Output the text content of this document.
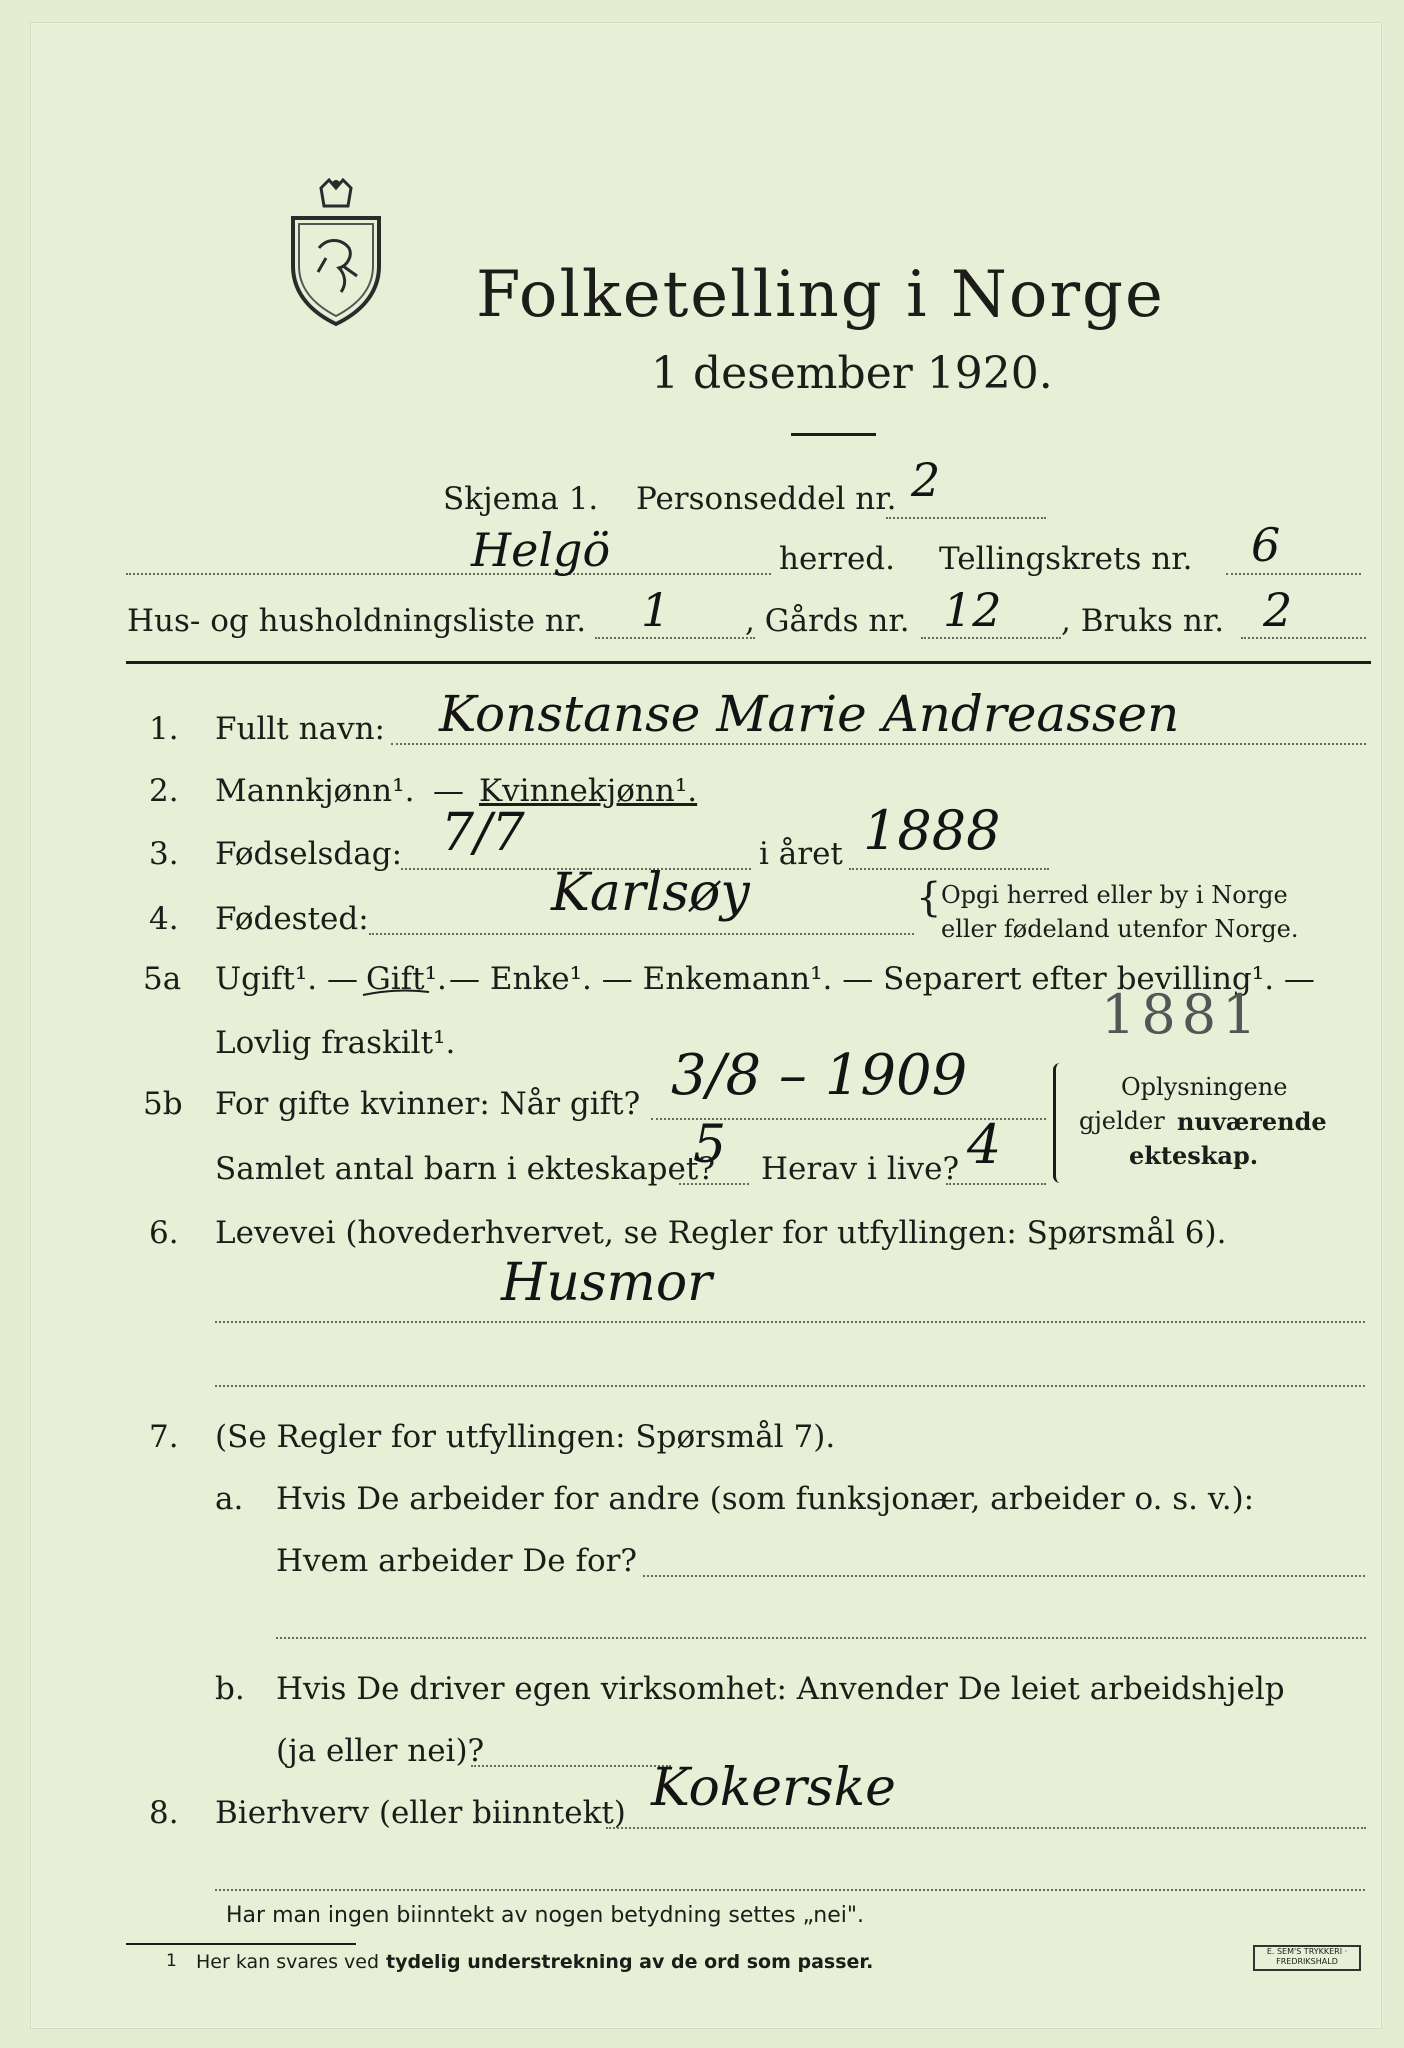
Folketelling i Norge
1 desember 1920.
Skjema 1. Personseddel nr. 2
Helgö	herred. Tellingskrets nr. 6
Hus- og husholdningsliste nr. 1 , Gårds nr. 12 , Bruks nr. 2
1. Fullt navn: Konstanse Marie Andreassen
2. Mannkjønn¹. — Kvinnekjønn¹.
3. Fødselsdag: 7/7	i året 1888
4. Fødested:	Karlsøy	{ Opgi herred eller by i Norge
eller fødeland utenfor Norge.
5a Ugift¹. — Gift¹. — Enke¹. — Enkemann¹. — Separert efter bevilling¹. —
Lovlig fraskilt¹.	1881
5b For gifte kvinner: Når gift? 3/8 – 1909
Samlet antal barn i ekteskapet?
5 Herav i live? 4
Oplysningene
gjelder nuværende
ekteskap.
6. Levevei (hovederhvervet, se Regler for utfyllingen: Spørsmål 6).
Husmor
7. (Se Regler for utfyllingen: Spørsmål 7).
a. Hvis De arbeider for andre (som funksjonær, arbeider o. s. v.):
Hvem arbeider De for?
b. Hvis De driver egen virksomhet: Anvender De leiet arbeidshjelp
(ja eller nei)?
8. Bierhverv (eller biinntekt) Kokerske
Har man ingen biinntekt av nogen betydning settes „nei".
1 Her kan svares ved tydelig understrekning av de ord som passer.	E. SEM'S TRYKKERI · FREDRIKSHALD
